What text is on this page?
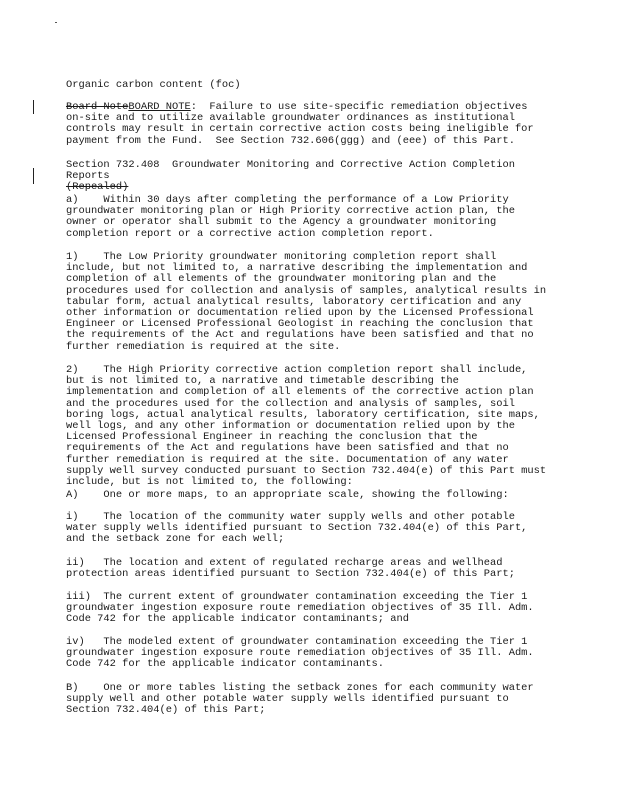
Organic carbon content (foc)

Board NoteBOARD NOTE:  Failure to use site-specific remediation objectives on-site and to utilize available groundwater ordinances as institutional controls may result in certain corrective action costs being ineligible for payment from the Fund.  See Section 732.606(ggg) and (eee) of this Part.

Section 732.408  Groundwater Monitoring and Corrective Action Completion Reports
(Repealed)

a)    Within 30 days after completing the performance of a Low Priority groundwater monitoring plan or High Priority corrective action plan, the owner or operator shall submit to the Agency a groundwater monitoring completion report or a corrective action completion report.

1)    The Low Priority groundwater monitoring completion report shall include, but not limited to, a narrative describing the implementation and completion of all elements of the groundwater monitoring plan and the procedures used for collection and analysis of samples, analytical results in tabular form, actual analytical results, laboratory certification and any other information or documentation relied upon by the Licensed Professional Engineer or Licensed Professional Geologist in reaching the conclusion that the requirements of the Act and regulations have been satisfied and that no further remediation is required at the site.

2)    The High Priority corrective action completion report shall include, but is not limited to, a narrative and timetable describing the implementation and completion of all elements of the corrective action plan and the procedures used for the collection and analysis of samples, soil boring logs, actual analytical results, laboratory certification, site maps, well logs, and any other information or documentation relied upon by the Licensed Professional Engineer in reaching the conclusion that the requirements of the Act and regulations have been satisfied and that no further remediation is required at the site. Documentation of any water supply well survey conducted pursuant to Section 732.404(e) of this Part must include, but is not limited to, the following:

A)    One or more maps, to an appropriate scale, showing the following:

i)    The location of the community water supply wells and other potable water supply wells identified pursuant to Section 732.404(e) of this Part, and the setback zone for each well;

ii)   The location and extent of regulated recharge areas and wellhead protection areas identified pursuant to Section 732.404(e) of this Part;

iii)  The current extent of groundwater contamination exceeding the Tier 1 groundwater ingestion exposure route remediation objectives of 35 Ill. Adm. Code 742 for the applicable indicator contaminants; and

iv)   The modeled extent of groundwater contamination exceeding the Tier 1 groundwater ingestion exposure route remediation objectives of 35 Ill. Adm. Code 742 for the applicable indicator contaminants.

B)    One or more tables listing the setback zones for each community water supply well and other potable water supply wells identified pursuant to Section 732.404(e) of this Part;
